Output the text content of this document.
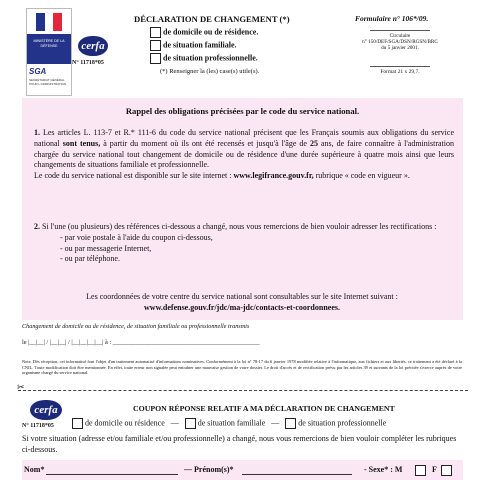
MINISTÈRE DE LA DÉFENSE
SGA
SECRÉTARIAT GÉNÉRAL POUR L'ADMINISTRATION
cerfa
N° 11718*05
DÉCLARATION DE CHANGEMENT (*)
de domicile ou de résidence.
de situation familiale.
de situation professionnelle.
(*) Renseigner la (les) case(s) utile(s).
Formulaire n° 106*/09.
Circulaire
n° 150/DEF/SGA/DSN/RGSN/BRC
du 5 janvier 2001.
Format 21 x 29,7.
Rappel des obligations précisées par le code du service national.
1. Les articles L. 113-7 et R.* 111-6 du code du service national précisent que les Français soumis aux obligations du service national sont tenus, à partir du moment où ils ont été recensés et jusqu'à l'âge de 25 ans, de faire connaître à l'administration chargée du service national tout changement de domicile ou de résidence d'une durée supérieure à quatre mois ainsi que leurs changements de situations familiale et professionnelle.
Le code du service national est disponible sur le site internet : www.legifrance.gouv.fr, rubrique « code en vigueur ».
2. Si l'une (ou plusieurs) des références ci-dessous a changé, nous vous remercions de bien vouloir adresser les rectifications :
- par voie postale à l'aide du coupon ci-dessous,
- ou par messagerie Internet,
- ou par téléphone.
Les coordonnées de votre centre du service national sont consultables sur le site Internet suivant :
www.defense.gouv.fr/jdc/ma-jdc/contacts-et-coordonnees.
Changement de domicile ou de résidence, de situation familiale ou professionnelle transmis
le |__|__| / |__|__| / |__|__|__|__| à : ______________________________________________
Note. Dès réception, cet informatisé font l'objet d'un traitement automatisé d'informations nominatives. Conformément à la loi n° 78-17 du 6 janvier 1978 modifiée relative à l'informatique, aux fichiers et aux libertés, ce traitement a été déclaré à la CNIL. Toute modification doit être mentionnée. En effet, toute erreur non signalée peut entraîner une mauvaise gestion de votre dossier. Le droit d'accès et de rectification prévu par les articles 39 et suivants de la loi précitée s'exerce auprès de votre organisme chargé du service national.
✂
cerfa
N° 11718*05
COUPON RÉPONSE RELATIF A MA DÉCLARATION DE CHANGEMENT
de domicile ou résidence — de situation familiale — de situation professionnelle
Si votre situation (adresse et/ou familiale et/ou professionnelle) a changé, nous vous remercions de bien vouloir compléter les rubriques ci-dessous.
Nom*	— Prénom(s)*	- Sexe* : M	F
